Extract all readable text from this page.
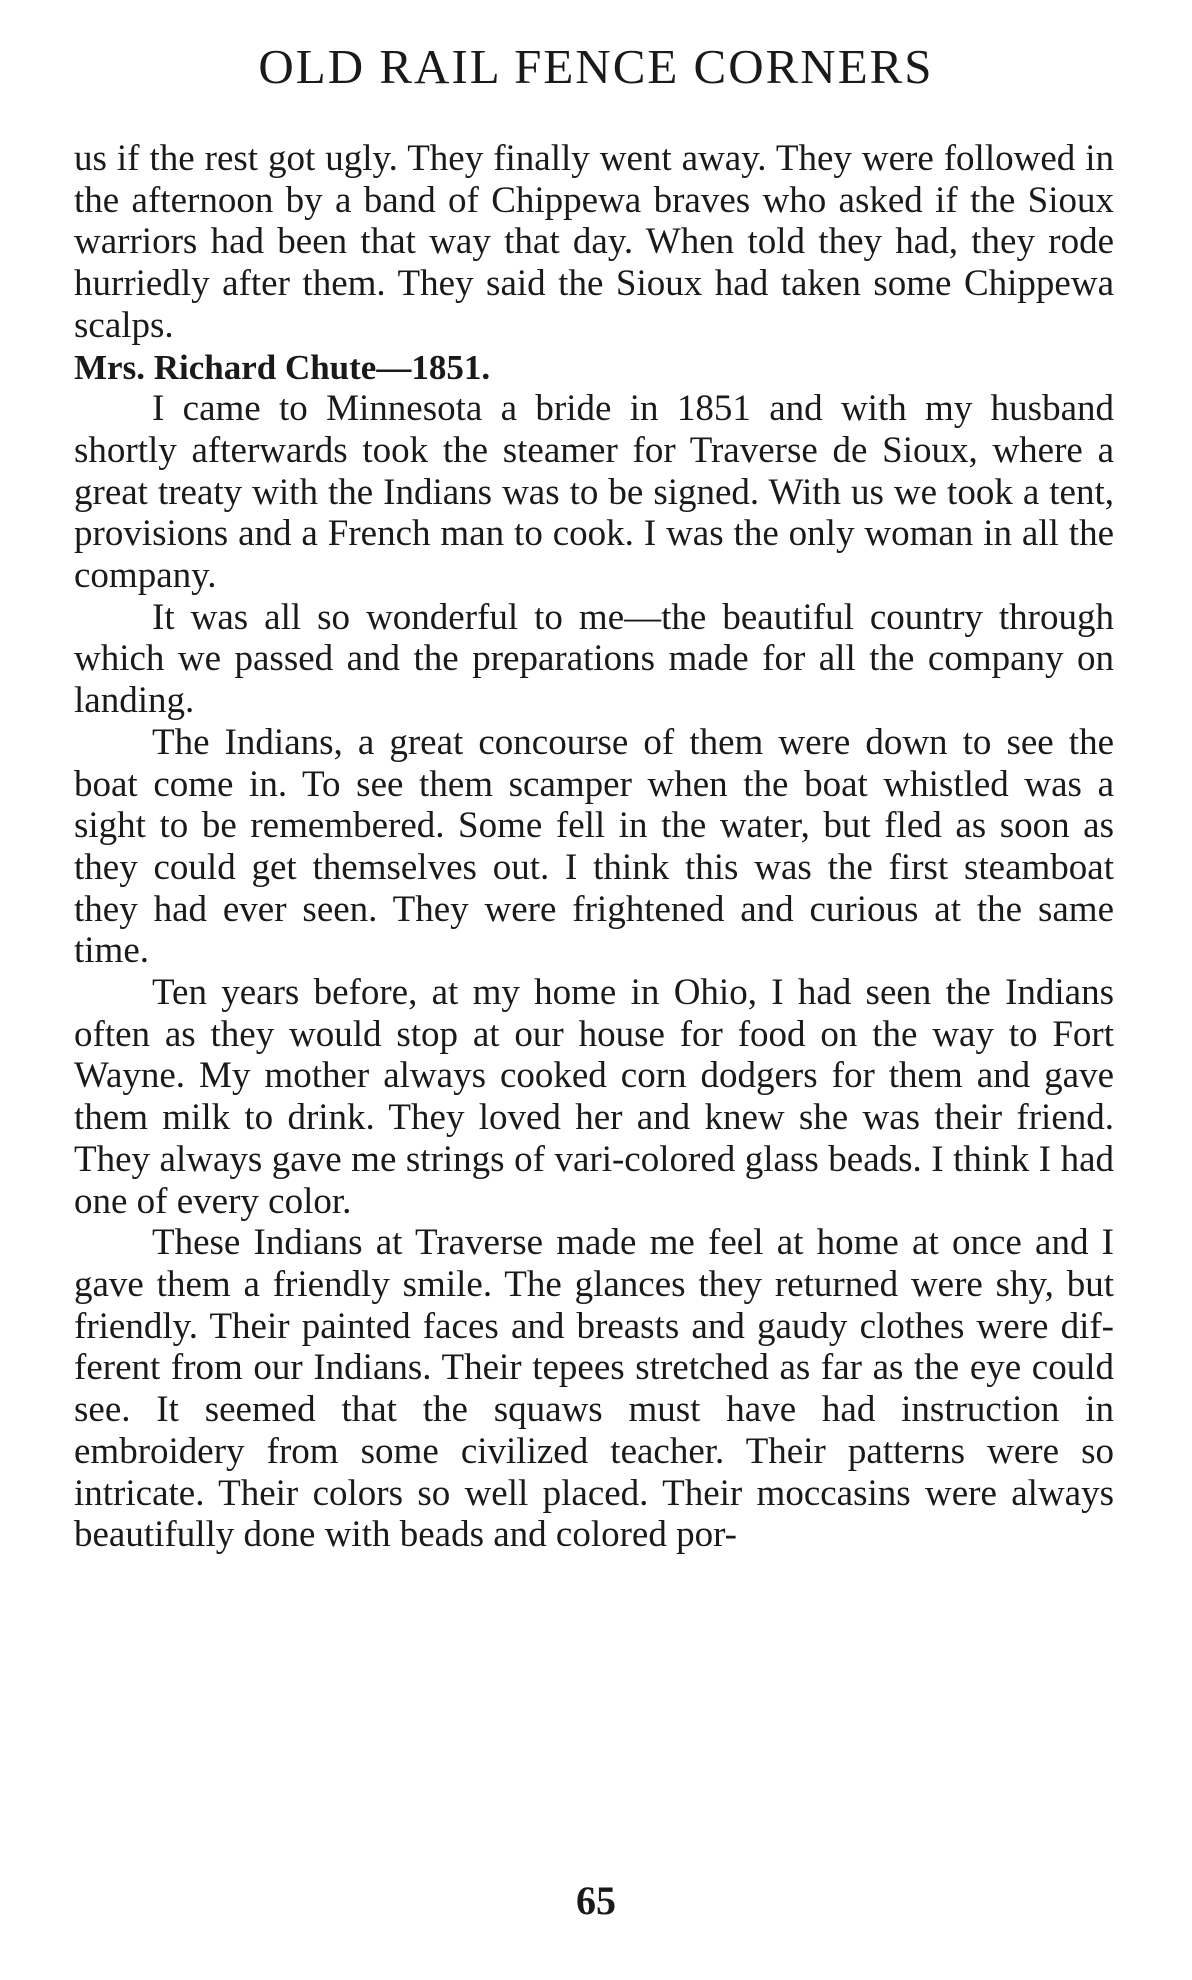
OLD RAIL FENCE CORNERS

us if the rest got ugly. They finally went away. They were followed in the afternoon by a band of Chippewa braves who asked if the Sioux warriors had been that way that day. When told they had, they rode hurriedly after them. They said the Sioux had taken some Chippewa scalps.

Mrs. Richard Chute—1851.

I came to Minnesota a bride in 1851 and with my husband shortly afterwards took the steamer for Traverse de Sioux, where a great treaty with the Indians was to be signed. With us we took a tent, provisions and a French man to cook. I was the only woman in all the company.

It was all so wonderful to me—the beautiful country through which we passed and the preparations made for all the company on landing.

The Indians, a great concourse of them were down to see the boat come in. To see them scamper when the boat whistled was a sight to be remembered. Some fell in the water, but fled as soon as they could get themselves out. I think this was the first steamboat they had ever seen. They were frightened and curious at the same time.

Ten years before, at my home in Ohio, I had seen the Indians often as they would stop at our house for food on the way to Fort Wayne. My mother always cooked corn dodgers for them and gave them milk to drink. They loved her and knew she was their friend. They always gave me strings of vari-colored glass beads. I think I had one of every color.

These Indians at Traverse made me feel at home at once and I gave them a friendly smile. The glances they returned were shy, but friendly. Their painted faces and breasts and gaudy clothes were different from our Indians. Their tepees stretched as far as the eye could see. It seemed that the squaws must have had instruction in embroidery from some civilized teacher. Their patterns were so intricate. Their colors so well placed. Their moccasins were always beautifully done with beads and colored por-

65
